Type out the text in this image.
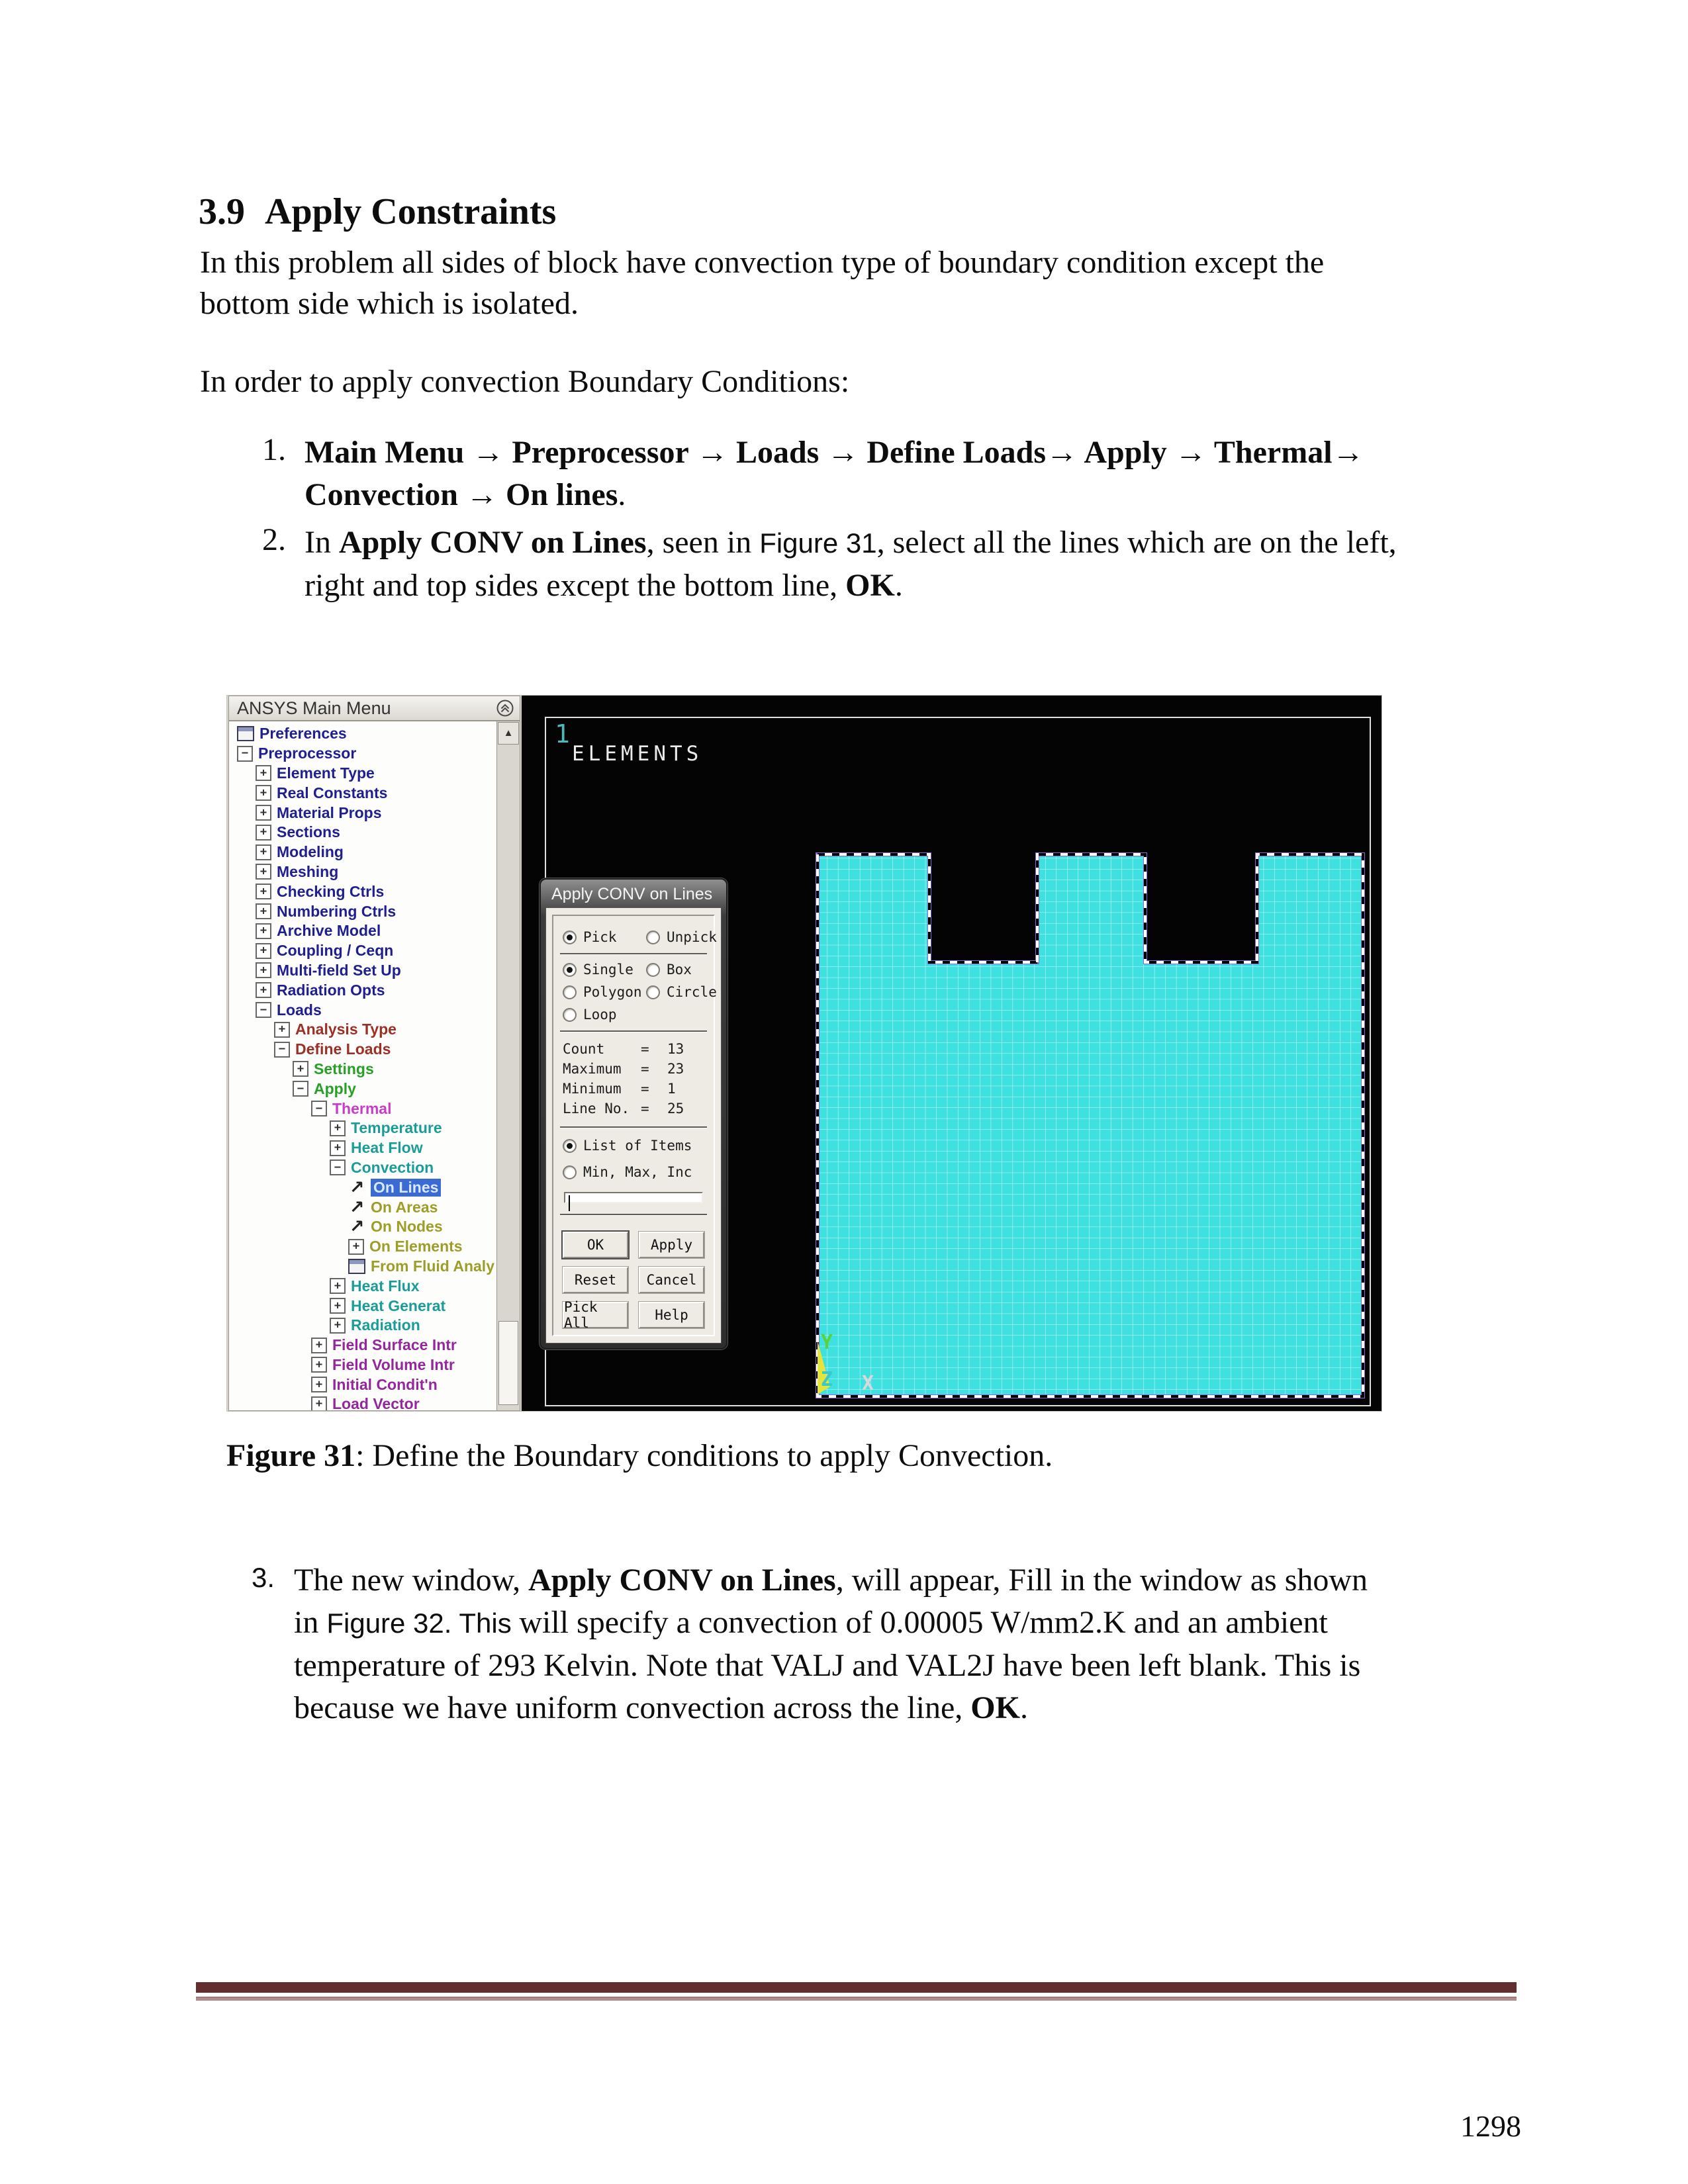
3.9 Apply Constraints
In this problem all sides of block have convection type of boundary condition except the
bottom side which is isolated.
In order to apply convection Boundary Conditions:
1. Main Menu → Preprocessor → Loads → Define Loads→ Apply → Thermal→
Convection → On lines.
2. In Apply CONV on Lines, seen in Figure 31, select all the lines which are on the left,
right and top sides except the bottom line, OK.
ANSYS Main Menu
Preferences
−
Preprocessor
+
Element Type
+
Real Constants
+
Material Props
+
Sections
+
Modeling
+
Meshing
+
Checking Ctrls
+
Numbering Ctrls
+
Archive Model
+
Coupling / Ceqn
+
Multi-field Set Up
+
Radiation Opts
−
Loads
+
Analysis Type
−
Define Loads
+
Settings
−
Apply
−
Thermal
+
Temperature
+
Heat Flow
−
Convection
↗
On Lines
↗
On Areas
↗
On Nodes
+
On Elements
From Fluid Analy
+
Heat Flux
+
Heat Generat
+
Radiation
+
Field Surface Intr
+
Field Volume Intr
+
Initial Condit'n
+
Load Vector
▲ 1
ELEMENTS
Y
Z X
Apply CONV on Lines
Pick	Unpick
Single Box
Polygon Circle
Loop
Count	=	13
Maximum	=	23
Minimum	=	1
Line No. =	25
List of Items
Min, Max, Inc
OK	Apply
Reset	Cancel
Pick All	Help
Figure 31: Define the Boundary conditions to apply Convection.
3. The new window, Apply CONV on Lines, will appear, Fill in the window as shown
in Figure 32. This will specify a convection of 0.00005 W/mm2.K and an ambient
temperature of 293 Kelvin. Note that VALJ and VAL2J have been left blank. This is
because we have uniform convection across the line, OK.
1298
